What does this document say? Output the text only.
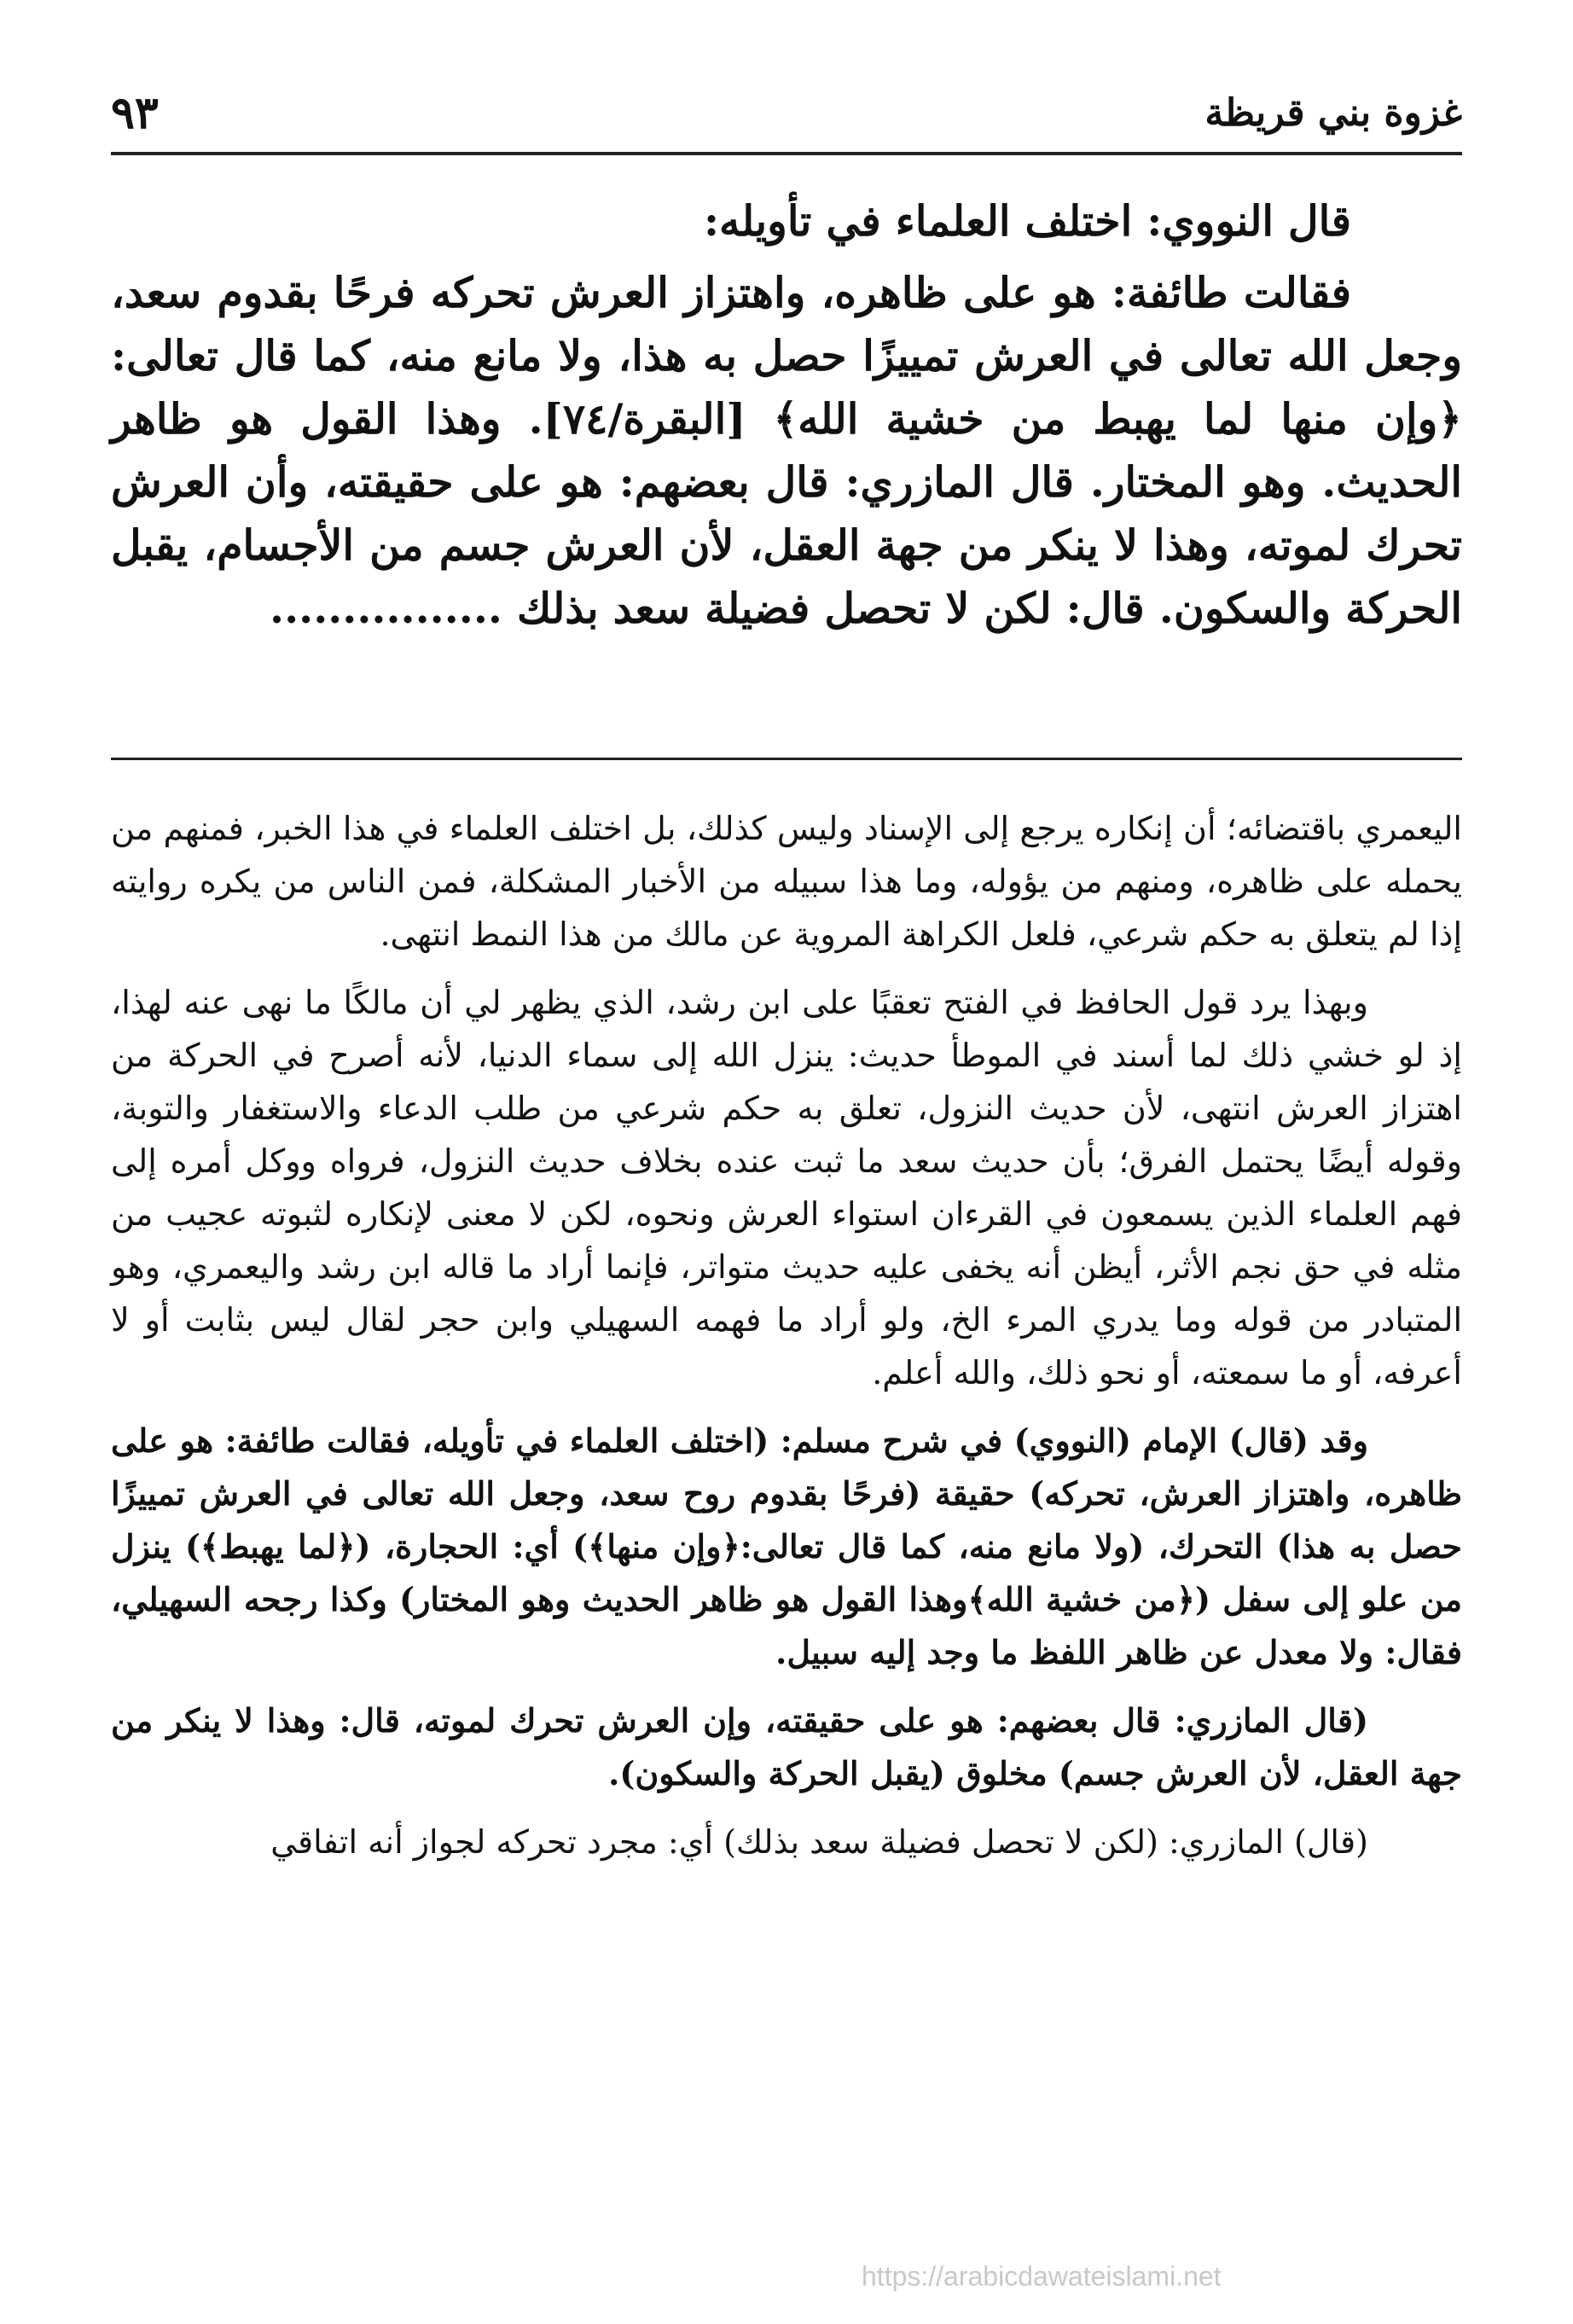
غزوة بني قريظة
٩٣

قال النووي: اختلف العلماء في تأويله:

فقالت طائفة: هو على ظاهره، واهتزاز العرش تحركه فرحًا بقدوم سعد، وجعل الله تعالى في العرش تمييزًا حصل به هذا، ولا مانع منه، كما قال تعالى: ﴿وإن منها لما يهبط من خشية الله﴾ [البقرة/٧٤]. وهذا القول هو ظاهر الحديث. وهو المختار. قال المازري: قال بعضهم: هو على حقيقته، وأن العرش تحرك لموته، وهذا لا ينكر من جهة العقل، لأن العرش جسم من الأجسام، يقبل الحركة والسكون. قال: لكن لا تحصل فضيلة سعد بذلك ................

اليعمري باقتضائه؛ أن إنكاره يرجع إلى الإسناد وليس كذلك، بل اختلف العلماء في هذا الخبر، فمنهم من يحمله على ظاهره، ومنهم من يؤوله، وما هذا سبيله من الأخبار المشكلة، فمن الناس من يكره روايته إذا لم يتعلق به حكم شرعي، فلعل الكراهة المروية عن مالك من هذا النمط انتهى.

وبهذا يرد قول الحافظ في الفتح تعقبًا على ابن رشد، الذي يظهر لي أن مالكًا ما نهى عنه لهذا، إذ لو خشي ذلك لما أسند في الموطأ حديث: ينزل الله إلى سماء الدنيا، لأنه أصرح في الحركة من اهتزاز العرش انتهى، لأن حديث النزول، تعلق به حكم شرعي من طلب الدعاء والاستغفار والتوبة، وقوله أيضًا يحتمل الفرق؛ بأن حديث سعد ما ثبت عنده بخلاف حديث النزول، فرواه ووكل أمره إلى فهم العلماء الذين يسمعون في القرءان استواء العرش ونحوه، لكن لا معنى لإنكاره لثبوته عجيب من مثله في حق نجم الأثر، أيظن أنه يخفى عليه حديث متواتر، فإنما أراد ما قاله ابن رشد واليعمري، وهو المتبادر من قوله وما يدري المرء الخ، ولو أراد ما فهمه السهيلي وابن حجر لقال ليس بثابت أو لا أعرفه، أو ما سمعته، أو نحو ذلك، والله أعلم.

وقد (قال) الإمام (النووي) في شرح مسلم: (اختلف العلماء في تأويله، فقالت طائفة: هو على ظاهره، واهتزاز العرش، تحركه) حقيقة (فرحًا بقدوم روح سعد، وجعل الله تعالى في العرش تمييزًا حصل به هذا) التحرك، (ولا مانع منه، كما قال تعالى:﴿وإن منها﴾) أي: الحجارة، (﴿لما يهبط﴾) ينزل من علو إلى سفل (﴿من خشية الله﴾وهذا القول هو ظاهر الحديث وهو المختار) وكذا رجحه السهيلي، فقال: ولا معدل عن ظاهر اللفظ ما وجد إليه سبيل.

(قال المازري: قال بعضهم: هو على حقيقته، وإن العرش تحرك لموته، قال: وهذا لا ينكر من جهة العقل، لأن العرش جسم) مخلوق (يقبل الحركة والسكون).

(قال) المازري: (لكن لا تحصل فضيلة سعد بذلك) أي: مجرد تحركه لجواز أنه اتفاقي

https://arabicdawateislami.net
